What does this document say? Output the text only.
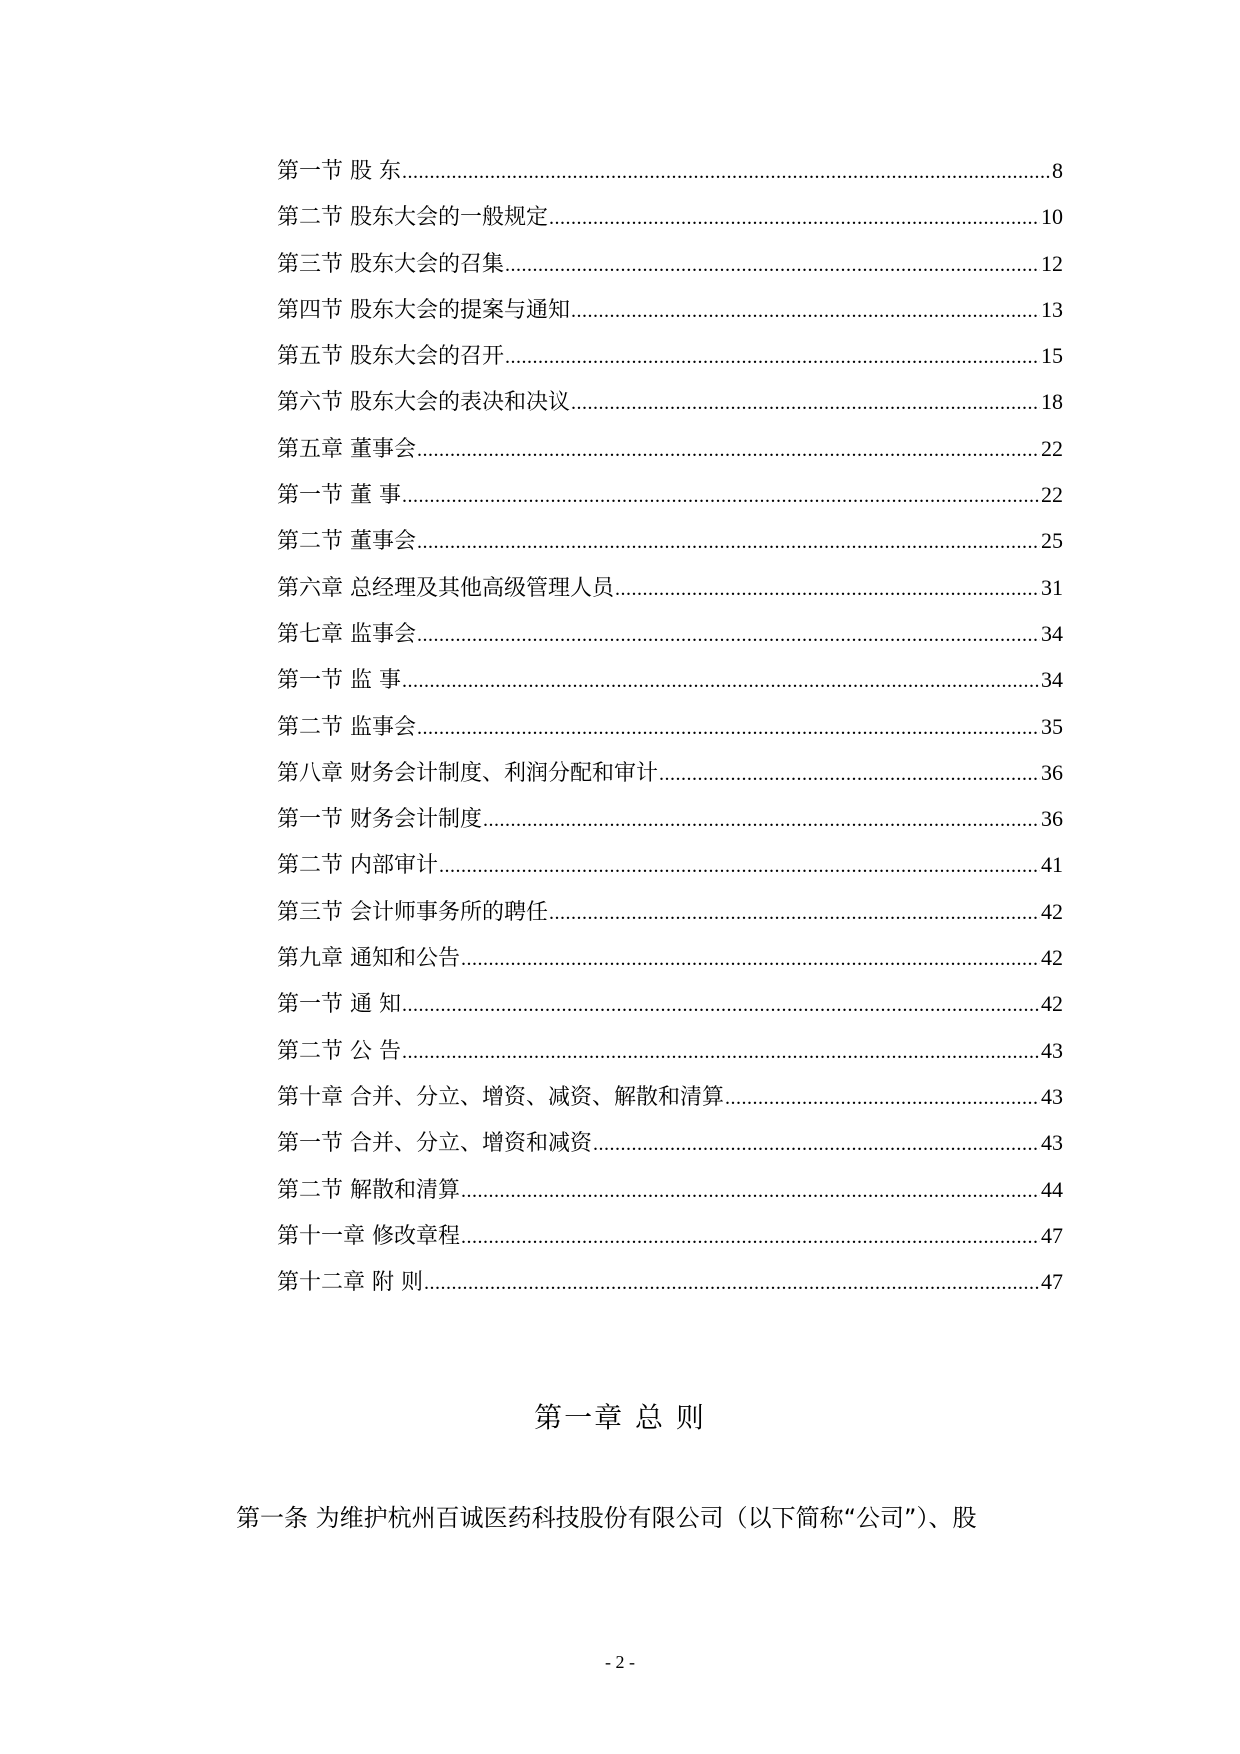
第一节 股 东 .....	8
第二节 股东大会的一般规定 .....	10
第三节 股东大会的召集 .....	12
第四节 股东大会的提案与通知 .....	13
第五节 股东大会的召开 .....	15
第六节 股东大会的表决和决议 .....	18
第五章 董事会 .....	22
第一节 董 事 .....	22
第二节 董事会 .....	25
第六章 总经理及其他高级管理人员 .....	31
第七章 监事会 .....	34
第一节 监 事 .....	34
第二节 监事会 .....	35
第八章 财务会计制度、利润分配和审计 .....	36
第一节 财务会计制度 .....	36
第二节 内部审计 .....	41
第三节 会计师事务所的聘任 .....	42
第九章 通知和公告 .....	42
第一节 通 知 .....	42
第二节 公 告 .....	43
第十章 合并、分立、增资、减资、解散和清算 .....	43
第一节 合并、分立、增资和减资 .....	43
第二节 解散和清算 .....	44
第十一章 修改章程 .....	47
第十二章 附 则 .....	47
第一章 总 则

第一条 为维护杭州百诚医药科技股份有限公司（以下简称“公司”）、股

- 2 -
